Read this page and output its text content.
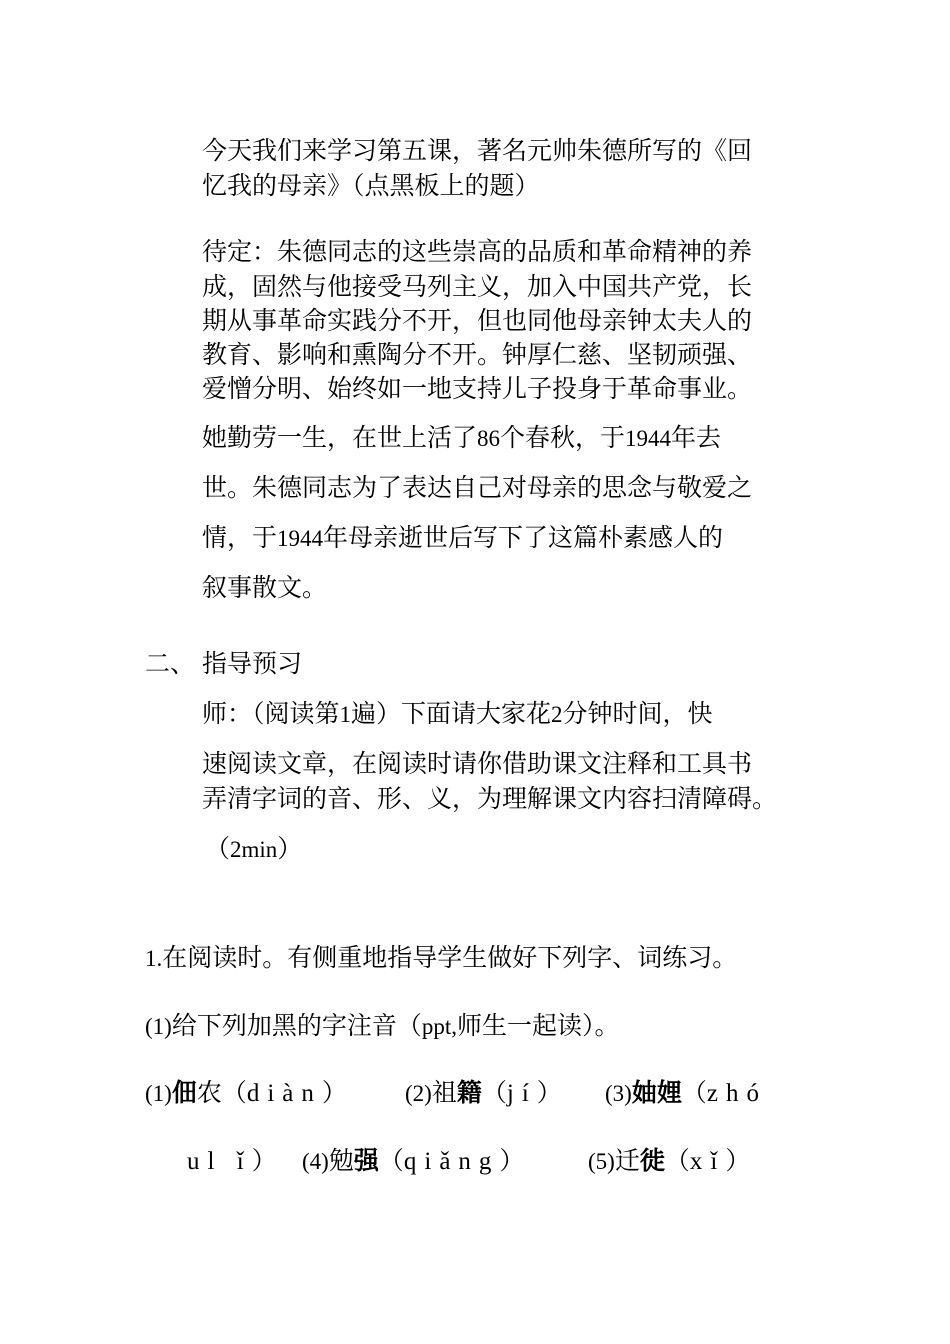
今天我们来学习第五课，著名元帅朱德所写的《回
忆我的母亲》（点黑板上的题）
待定：朱德同志的这些崇高的品质和革命精神的养
成，固然与他接受马列主义，加入中国共产党，长
期从事革命实践分不开，但也同他母亲钟太夫人的
教育、影响和熏陶分不开。钟厚仁慈、坚韧顽强、
爱憎分明、始终如一地支持儿子投身于革命事业。
她勤劳一生，在世上活了86个春秋，于1944年去
世。朱德同志为了表达自己对母亲的思念与敬爱之
情，于1944年母亲逝世后写下了这篇朴素感人的
叙事散文。
二、 指导预习
师：（阅读第1遍）下面请大家花2分钟时间，快
速阅读文章，在阅读时请你借助课文注释和工具书
弄清字词的音、形、义，为理解课文内容扫清障碍。
（2min）
1.在阅读时。有侧重地指导学生做好下列字、词练习。
(1)给下列加黑的字注音（ppt,师生一起读）。
(1)佃农（diàn）	(2)祖籍（jí） (3)妯娌（zhó
ul ǐ） (4)勉强（qiǎng）	(5)迁徙（xǐ）
